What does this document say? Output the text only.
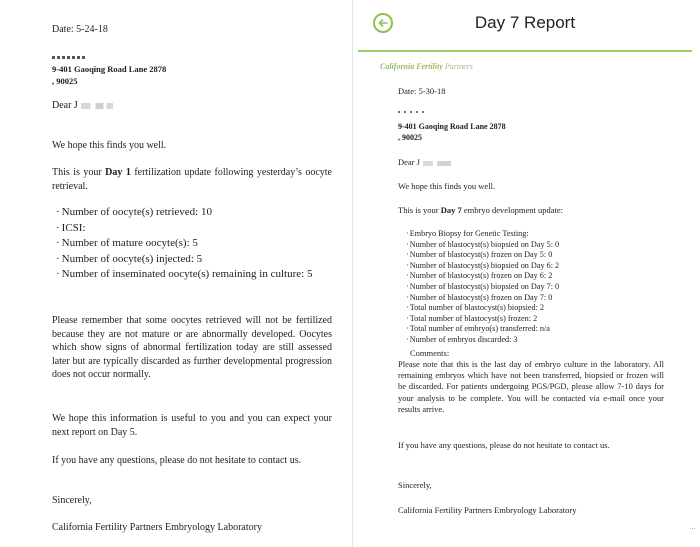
Date: 5-24-18

9-401 Gaoqing Road Lane 2878

, 90025

Dear J

We hope this finds you well.

This is your Day 1 fertilization update following yesterday’s oocyte retrieval.

· Number of oocyte(s) retrieved: 10
· ICSI:
· Number of mature oocyte(s): 5
· Number of oocyte(s) injected: 5
· Number of inseminated oocyte(s) remaining in culture: 5

Please remember that some oocytes retrieved will not be fertilized because they are not mature or are abnormally developed. Oocytes which show signs of abnormal fertilization today are still assessed later but are typically discarded as further developmental progression does not occur normally.

We hope this information is useful to you and you can expect your next report on Day 5.

If you have any questions, please do not hesitate to contact us.

Sincerely,

California Fertility Partners Embryology Laboratory

Day 7 Report

California Fertility Partners

Date: 5-30-18

9-401 Gaoqing Road Lane 2878

, 90025

Dear J

We hope this finds you well.

This is your Day 7 embryo development update:

· Embryo Biopsy for Genetic Testing:
· Number of blastocyst(s) biopsied on Day 5: 0
· Number of blastocyst(s) frozen on Day 5: 0
· Number of blastocyst(s) biopsied on Day 6: 2
· Number of blastocyst(s) frozen on Day 6: 2
· Number of blastocyst(s) biopsied on Day 7: 0
· Number of blastocyst(s) frozen on Day 7: 0
· Total number of blastocyst(s) biopsied: 2
· Total number of blastocyst(s) frozen: 2
· Total number of embryo(s) transferred: n/a
· Number of embryos discarded: 3

Comments:

Please note that this is the last day of embryo culture in the laboratory. All remaining embryos which have not been transferred, biopsied or frozen will be discarded. For patients undergoing PGS/PGD, please allow 7-10 days for your analysis to be complete. You will be contacted via e-mail once your results arrive.

If you have any questions, please do not hesitate to contact us.

Sincerely,

California Fertility Partners Embryology Laboratory

...
